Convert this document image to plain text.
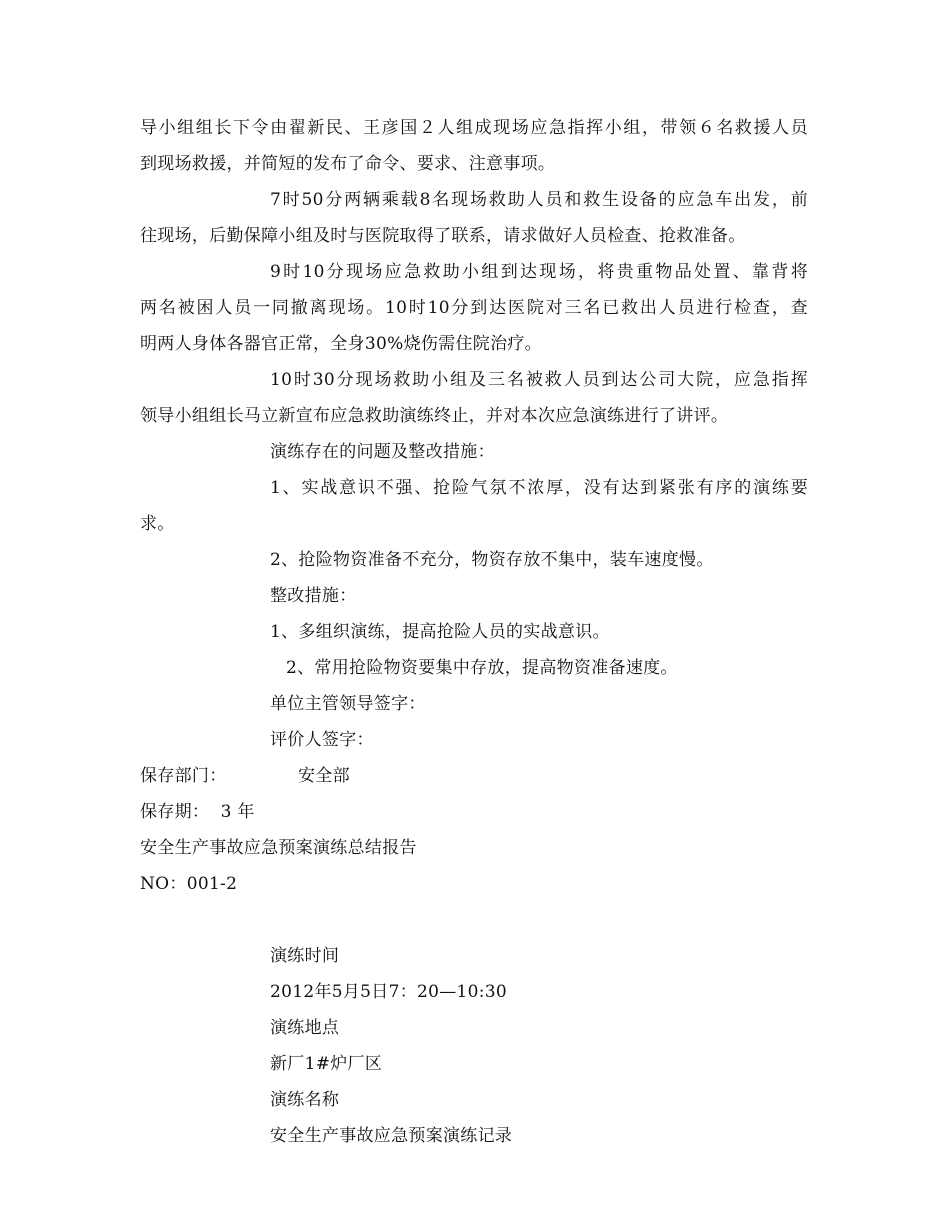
导小组组长下令由翟新民、王彦国２人组成现场应急指挥小组，带领６名救援人员
到现场救援，并简短的发布了命令、要求、注意事项。
7时50分两辆乘载8名现场救助人员和救生设备的应急车出发，前
往现场，后勤保障小组及时与医院取得了联系，请求做好人员检查、抢救准备。
9时10分现场应急救助小组到达现场，将贵重物品处置、靠背将
两名被困人员一同撤离现场。10时10分到达医院对三名已救出人员进行检查，查
明两人身体各器官正常，全身30%烧伤需住院治疗。
10时30分现场救助小组及三名被救人员到达公司大院，应急指挥
领导小组组长马立新宣布应急救助演练终止，并对本次应急演练进行了讲评。
演练存在的问题及整改措施：
1、实战意识不强、抢险气氛不浓厚，没有达到紧张有序的演练要
求。
2、抢险物资准备不充分，物资存放不集中，装车速度慢。
整改措施：
1、多组织演练，提高抢险人员的实战意识。
2、常用抢险物资要集中存放，提高物资准备速度。
单位主管领导签字：
评价人签字：
保存部门：	安全部
保存期：  3 年
安全生产事故应急预案演练总结报告
NO：001-2
演练时间
2012年5月5日7：20—10:30
演练地点
新厂1#炉厂区
演练名称
安全生产事故应急预案演练记录
